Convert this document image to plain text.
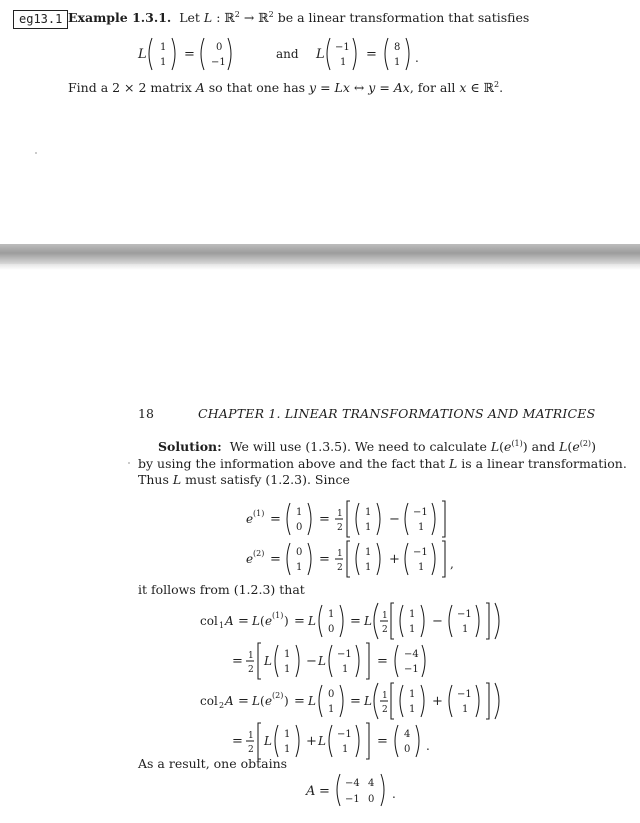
eg13.1 Example 1.3.1.  Let L : ℝ$^2$ → ℝ$^2$ be a linear transformation that satisfies
L 1
1
= 0
−1
and L −1
1
= 8
1 .
Find a 2 × 2 matrix A so that one has y = Lx ↔ y = Ax, for all x ∈ ℝ$^2$.
18	CHAPTER 1. LINEAR TRANSFORMATIONS AND MATRICES
Solution:  We will use (1.3.5). We need to calculate $L(e^{(1)})$ and $L(e^{(2)})$
by using the information above and the fact that L is a linear transformation.
Thus L must satisfy (1.2.3). Since
e (1) = 1
0
= 1
2
1
1
− −1
1
e (2) = 0
1
= 1
2
1
1
+ −1
1 ,
it follows from (1.2.3) that
col 1 A = L ( e (1) ) = L 1
0
= L 1
2
1
1
− −1
1
= 1
2
L 1
1
− L −1
1
= −4
−1
col 2 A = L ( e (2) ) = L 0
1
= L 1
2
1
1
+ −1
1
= 1
2
L 1
1
+ L −1
1
= 4
0 .
As a result, one obtains
A =
−4 4
−1 0 .
